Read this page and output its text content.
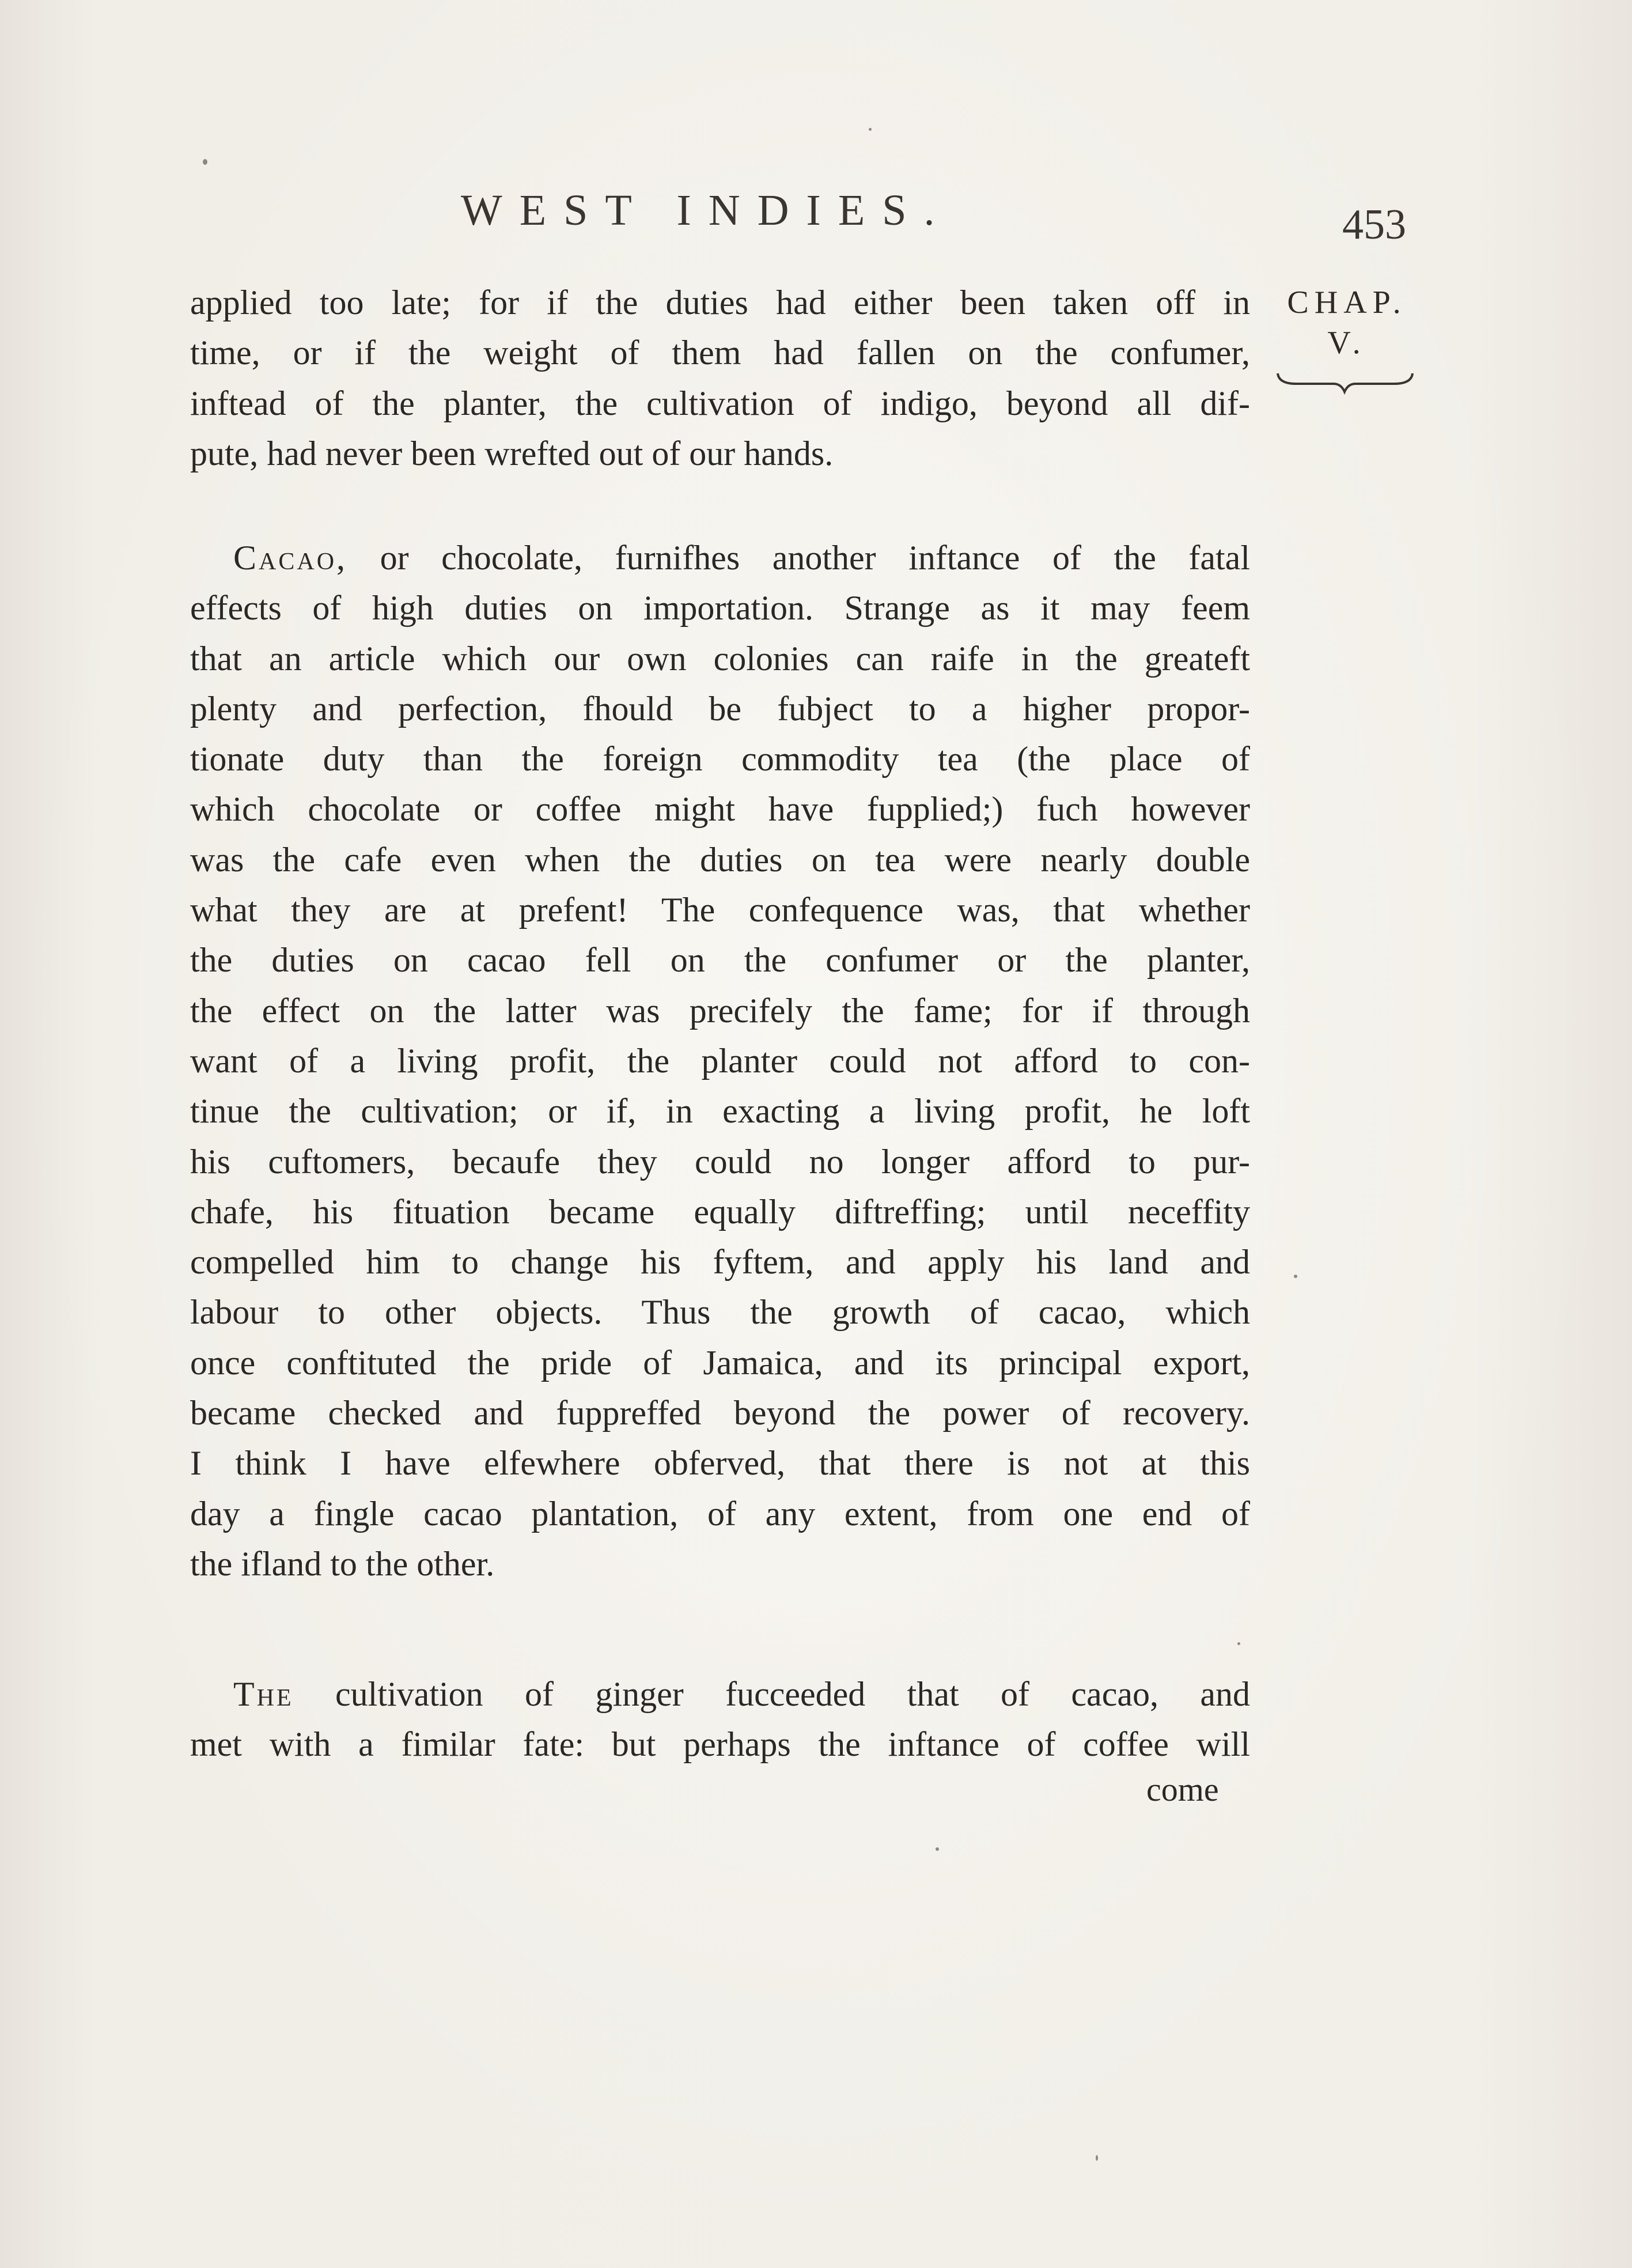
WEST INDIES.	453
CHAP.
V.
applied too late; for if the duties had either been taken off in
time, or if the weight of them had fallen on the confumer,
inftead of the planter, the cultivation of indigo, beyond all dif-
pute, had never been wrefted out of our hands.
Cacao, or chocolate, furnifhes another inftance of the fatal
effects of high duties on importation. Strange as it may feem
that an article which our own colonies can raife in the greateft
plenty and perfection, fhould be fubject to a higher propor-
tionate duty than the foreign commodity tea (the place of
which chocolate or coffee might have fupplied;) fuch however
was the cafe even when the duties on tea were nearly double
what they are at prefent! The confequence was, that whether
the duties on cacao fell on the confumer or the planter,
the effect on the latter was precifely the fame; for if through
want of a living profit, the planter could not afford to con-
tinue the cultivation; or if, in exacting a living profit, he loft
his cuftomers, becaufe they could no longer afford to pur-
chafe, his fituation became equally diftreffing; until neceffity
compelled him to change his fyftem, and apply his land and
labour to other objects. Thus the growth of cacao, which
once conftituted the pride of Jamaica, and its principal export,
became checked and fuppreffed beyond the power of recovery.
I think I have elfewhere obferved, that there is not at this
day a fingle cacao plantation, of any extent, from one end of
the ifland to the other.
The cultivation of ginger fucceeded that of cacao, and
met with a fimilar fate: but perhaps the inftance of coffee will
come
